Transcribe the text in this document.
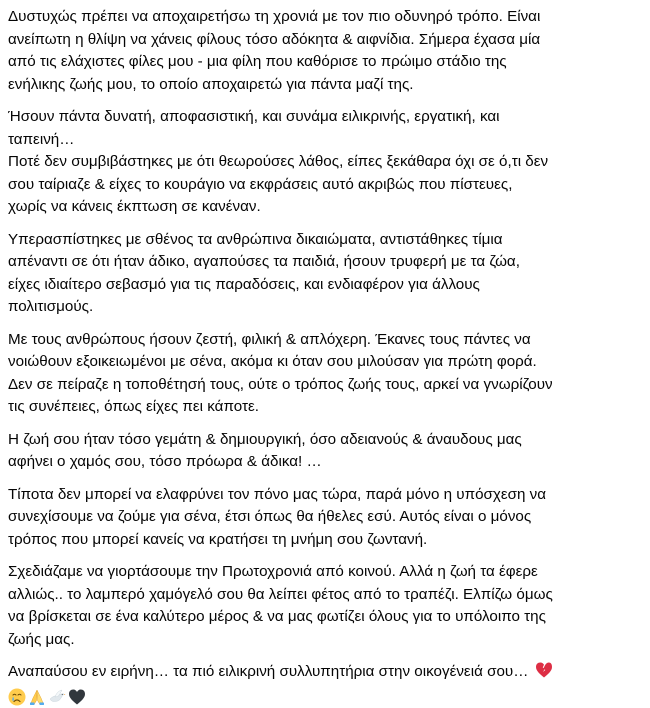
Δυστυχώς πρέπει να αποχαιρετήσω τη χρονιά με τον πιο οδυνηρό τρόπο. Είναι
ανείπωτη η θλίψη να χάνεις φίλους τόσο αδόκητα & αιφνίδια. Σήμερα έχασα μία
από τις ελάχιστες φίλες μου - μια φίλη που καθόρισε το πρώιμο στάδιο της
ενήλικης ζωής μου, το οποίο αποχαιρετώ για πάντα μαζί της.
Ήσουν πάντα δυνατή, αποφασιστική, και συνάμα ειλικρινής, εργατική, και
ταπεινή…
Ποτέ δεν συμβιβάστηκες με ότι θεωρούσες λάθος, είπες ξεκάθαρα όχι σε ό,τι δεν
σου ταίριαζε & είχες το κουράγιο να εκφράσεις αυτό ακριβώς που πίστευες,
χωρίς να κάνεις έκπτωση σε κανέναν.
Υπερασπίστηκες με σθένος τα ανθρώπινα δικαιώματα, αντιστάθηκες τίμια
απέναντι σε ότι ήταν άδικο, αγαπούσες τα παιδιά, ήσουν τρυφερή με τα ζώα,
είχες ιδιαίτερο σεβασμό για τις παραδόσεις, και ενδιαφέρον για άλλους
πολιτισμούς.
Με τους ανθρώπους ήσουν ζεστή, φιλική & απλόχερη. Έκανες τους πάντες να
νοιώθουν εξοικειωμένοι με σένα, ακόμα κι όταν σου μιλούσαν για πρώτη φορά.
Δεν σε πείραζε η τοποθέτησή τους, ούτε ο τρόπος ζωής τους, αρκεί να γνωρίζουν
τις συνέπειες, όπως είχες πει κάποτε.
Η ζωή σου ήταν τόσο γεμάτη & δημιουργική, όσο αδειανούς & άναυδους μας
αφήνει ο χαμός σου, τόσο πρόωρα & άδικα! …
Τίποτα δεν μπορεί να ελαφρύνει τον πόνο μας τώρα, παρά μόνο η υπόσχεση να
συνεχίσουμε να ζούμε για σένα, έτσι όπως θα ήθελες εσύ. Αυτός είναι ο μόνος
τρόπος που μπορεί κανείς να κρατήσει τη μνήμη σου ζωντανή.
Σχεδιάζαμε να γιορτάσουμε την Πρωτοχρονιά από κοινού. Αλλά η ζωή τα έφερε
αλλιώς.. το λαμπερό χαμόγελό σου θα λείπει φέτος από το τραπέζι. Ελπίζω όμως
να βρίσκεται σε ένα καλύτερο μέρος & να μας φωτίζει όλους για το υπόλοιπο της
ζωής μας.
Αναπαύσου εν ειρήνη… τα πιό ειλικρινή συλλυπητήρια στην οικογένειά σου…
